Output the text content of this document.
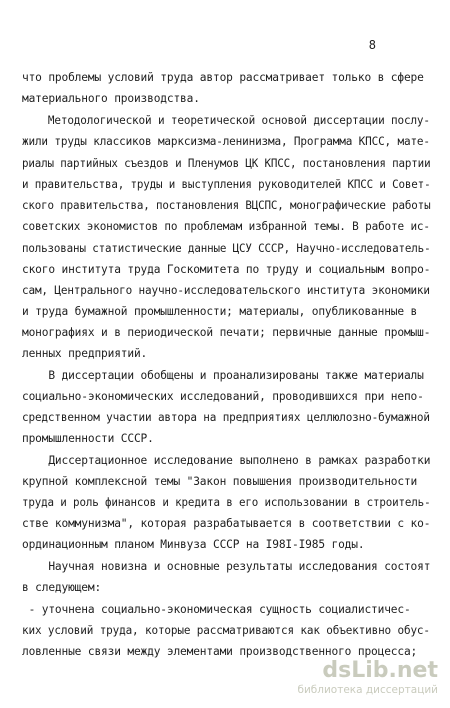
8
что проблемы условий труда автор рассматривает только в сфере
материального производства.
Методологической и теоретической основой диссертации послу-
жили труды классиков марксизма-ленинизма, Программа КПСС, мате-
риалы партийных съездов и Пленумов ЦК КПСС, постановления партии
и правительства, труды и выступления руководителей КПСС и Совет-
ского правительства, постановления ВЦСПС, монографические работы
советских экономистов по проблемам избранной темы. В работе ис-
пользованы статистические данные ЦСУ СССР, Научно-исследователь-
ского института труда Госкомитета по труду и социальным вопро-
сам, Центрального научно-исследовательского института экономики
и труда бумажной промышленности; материалы, опубликованные в
монографиях и в периодической печати; первичные данные промыш-
ленных предприятий.
В диссертации обобщены и проанализированы также материалы
социально-экономических исследований, проводившихся при непо-
средственном участии автора на предприятиях целлюлозно-бумажной
промышленности СССР.
Диссертационное исследование выполнено в рамках разработки
крупной комплексной темы "Закон повышения производительности
труда и роль финансов и кредита в его использовании в строитель-
стве коммунизма", которая разрабатывается в соответствии с ко-
ординационным планом Минвуза СССР на I98I-I985 годы.
Научная новизна и основные результаты исследования состоят
в следующем:
- уточнена социально-экономическая сущность социалистичес-
ких условий труда, которые рассматриваются как объективно обус-
ловленные связи между элементами производственного процесса;
dsLib.net
библиотека диссертаций
